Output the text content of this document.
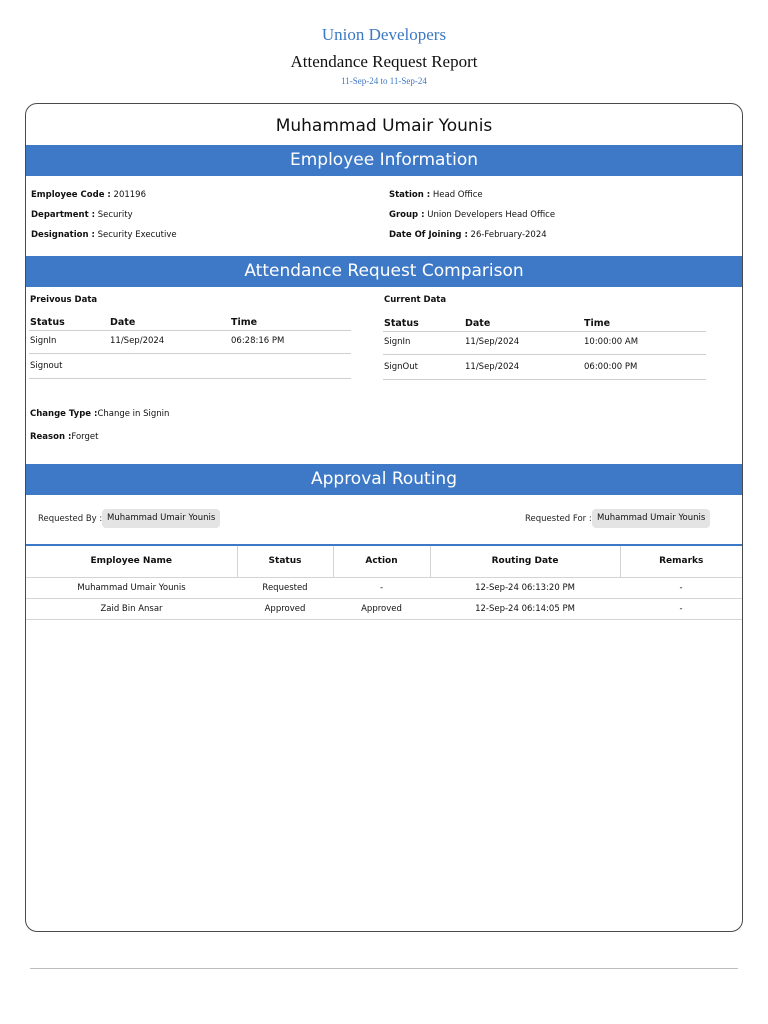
Union Developers
Attendance Request Report
11-Sep-24 to 11-Sep-24
Muhammad Umair Younis
Employee Information
Employee Code : 201196
Department : Security
Designation : Security Executive
Station : Head Office
Group : Union Developers Head Office
Date Of Joining : 26-February-2024
Attendance Request Comparison
Preivous Data
Status	Date	Time
SignIn	11/Sep/2024	06:28:16 PM
Signout
Current Data
Status	Date	Time
SignIn	11/Sep/2024	10:00:00 AM
SignOut	11/Sep/2024	06:00:00 PM
Change Type :Change in Signin
Reason :Forget
Approval Routing
Requested By : Muhammad Umair Younis	Requested For : Muhammad Umair Younis
Employee Name	Status	Action	Routing Date	Remarks
Muhammad Umair Younis	Requested	-	12-Sep-24 06:13:20 PM	-
Zaid Bin Ansar	Approved	Approved	12-Sep-24 06:14:05 PM	-
